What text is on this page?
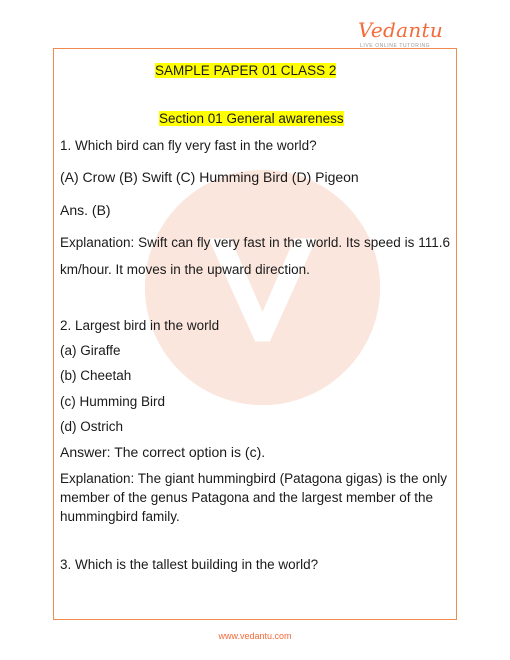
Vedantu
LIVE ONLINE TUTORING
SAMPLE PAPER 01 CLASS 2
Section 01 General awareness
1. Which bird can fly very fast in the world?
(A) Crow (B) Swift (C) Humming Bird (D) Pigeon
Ans. (B)
Explanation: Swift can fly very fast in the world. Its speed is 111.6 km/hour. It moves in the upward direction.
2. Largest bird in the world
(a) Giraffe
(b) Cheetah
(c) Humming Bird
(d) Ostrich
Answer: The correct option is (c).
Explanation: The giant hummingbird (Patagona gigas) is the only member of the genus Patagona and the largest member of the hummingbird family.
3. Which is the tallest building in the world?
www.vedantu.com
